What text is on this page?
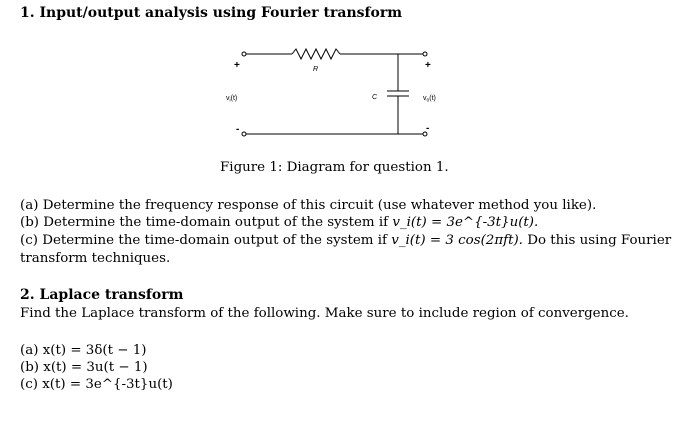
1. Input/output analysis using Fourier transform
+
-
+
-
R
C
$v_i(t)$	$v_o(t)$
Figure 1: Diagram for question 1.
(a) Determine the frequency response of this circuit (use whatever method you like).
(b) Determine the time-domain output of the system if v_i(t) = 3e^{-3t}u(t).
(c) Determine the time-domain output of the system if v_i(t) = 3 cos(2πft). Do this using Fourier
transform techniques.
2. Laplace transform
Find the Laplace transform of the following. Make sure to include region of convergence.
(a) x(t) = 3δ(t − 1)
(b) x(t) = 3u(t − 1)
(c) x(t) = 3e^{-3t}u(t)
